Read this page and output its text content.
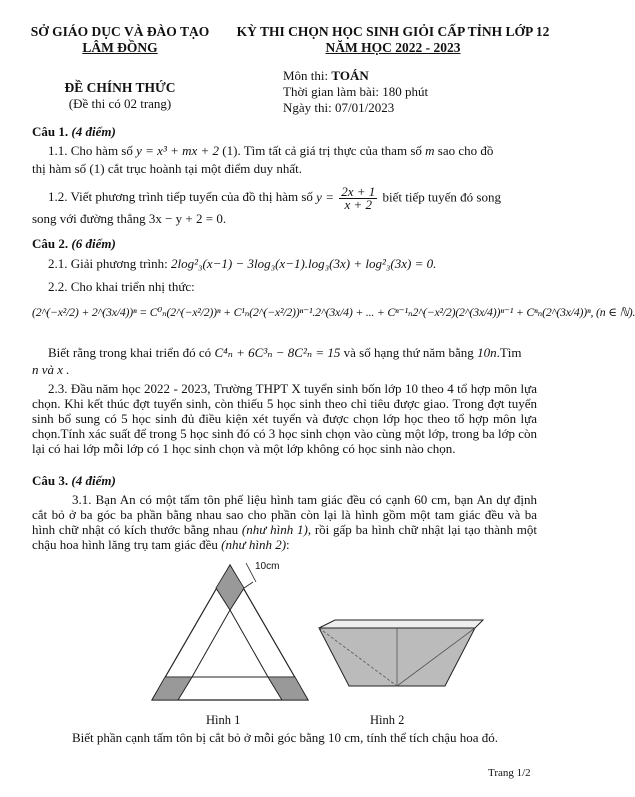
SỞ GIÁO DỤC VÀ ĐÀO TẠO
LÂM ĐỒNG
KỲ THI CHỌN HỌC SINH GIỎI CẤP TỈNH LỚP 12
NĂM HỌC 2022 - 2023
ĐỀ CHÍNH THỨC
(Đề thi có 02 trang)
Môn thi: TOÁN
Thời gian làm bài: 180 phút
Ngày thi: 07/01/2023
Câu 1. (4 điểm)
1.1. Cho hàm số y = x³ + mx + 2 (1). Tìm tất cả giá trị thực của tham số m sao cho đồ
thị hàm số (1) cắt trục hoành tại một điểm duy nhất.
1.2. Viết phương trình tiếp tuyến của đồ thị hàm số $y = \frac{2x + 1}{x + 2}$ biết tiếp tuyến đó song
song với đường thẳng 3x − y + 2 = 0.
Câu 2. (6 điểm)
2.1. Giải phương trình: 2log²₃(x−1) − 3log₃(x−1).log₃(3x) + log²₃(3x) = 0.
2.2. Cho khai triển nhị thức:
(2^(−x²/2) + 2^(3x/4))ⁿ = C⁰ₙ(2^(−x²/2))ⁿ + C¹ₙ(2^(−x²/2))ⁿ⁻¹.2^(3x/4) + ... + Cⁿ⁻¹ₙ2^(−x²/2)(2^(3x/4))ⁿ⁻¹ + Cⁿₙ(2^(3x/4))ⁿ, (n ∈ ℕ).
Biết rằng trong khai triển đó có C⁴ₙ + 6C³ₙ − 8C²ₙ = 15 và số hạng thứ năm bằng 10n.Tìm
n và x .
2.3. Đầu năm học 2022 - 2023, Trường THPT X tuyển sinh bốn lớp 10 theo 4 tổ hợp môn lựa chọn. Khi kết thúc đợt tuyển sinh, còn thiếu 5 học sinh theo chỉ tiêu được giao. Trong đợt tuyển sinh bổ sung có 5 học sinh đủ điều kiện xét tuyển và được chọn lớp học theo tổ hợp môn lựa chọn.Tính xác suất để trong 5 học sinh đó có 3 học sinh chọn vào cùng một lớp, trong ba lớp còn lại có hai lớp mỗi lớp có 1 học sinh chọn và một lớp không có học sinh nào chọn.
Câu 3. (4 điểm)
3.1. Bạn An có một tấm tôn phế liệu hình tam giác đều có cạnh 60 cm, bạn An dự định cắt bỏ ở ba góc ba phần bằng nhau sao cho phần còn lại là hình gồm một tam giác đều và ba hình chữ nhật có kích thước bằng nhau (như hình 1), rồi gấp ba hình chữ nhật lại tạo thành một chậu hoa hình lăng trụ tam giác đều (như hình 2):
10cm
Hình 1	Hình 2
Biết phần cạnh tấm tôn bị cắt bỏ ở mỗi góc bằng 10 cm, tính thể tích chậu hoa đó.
Trang 1/2
